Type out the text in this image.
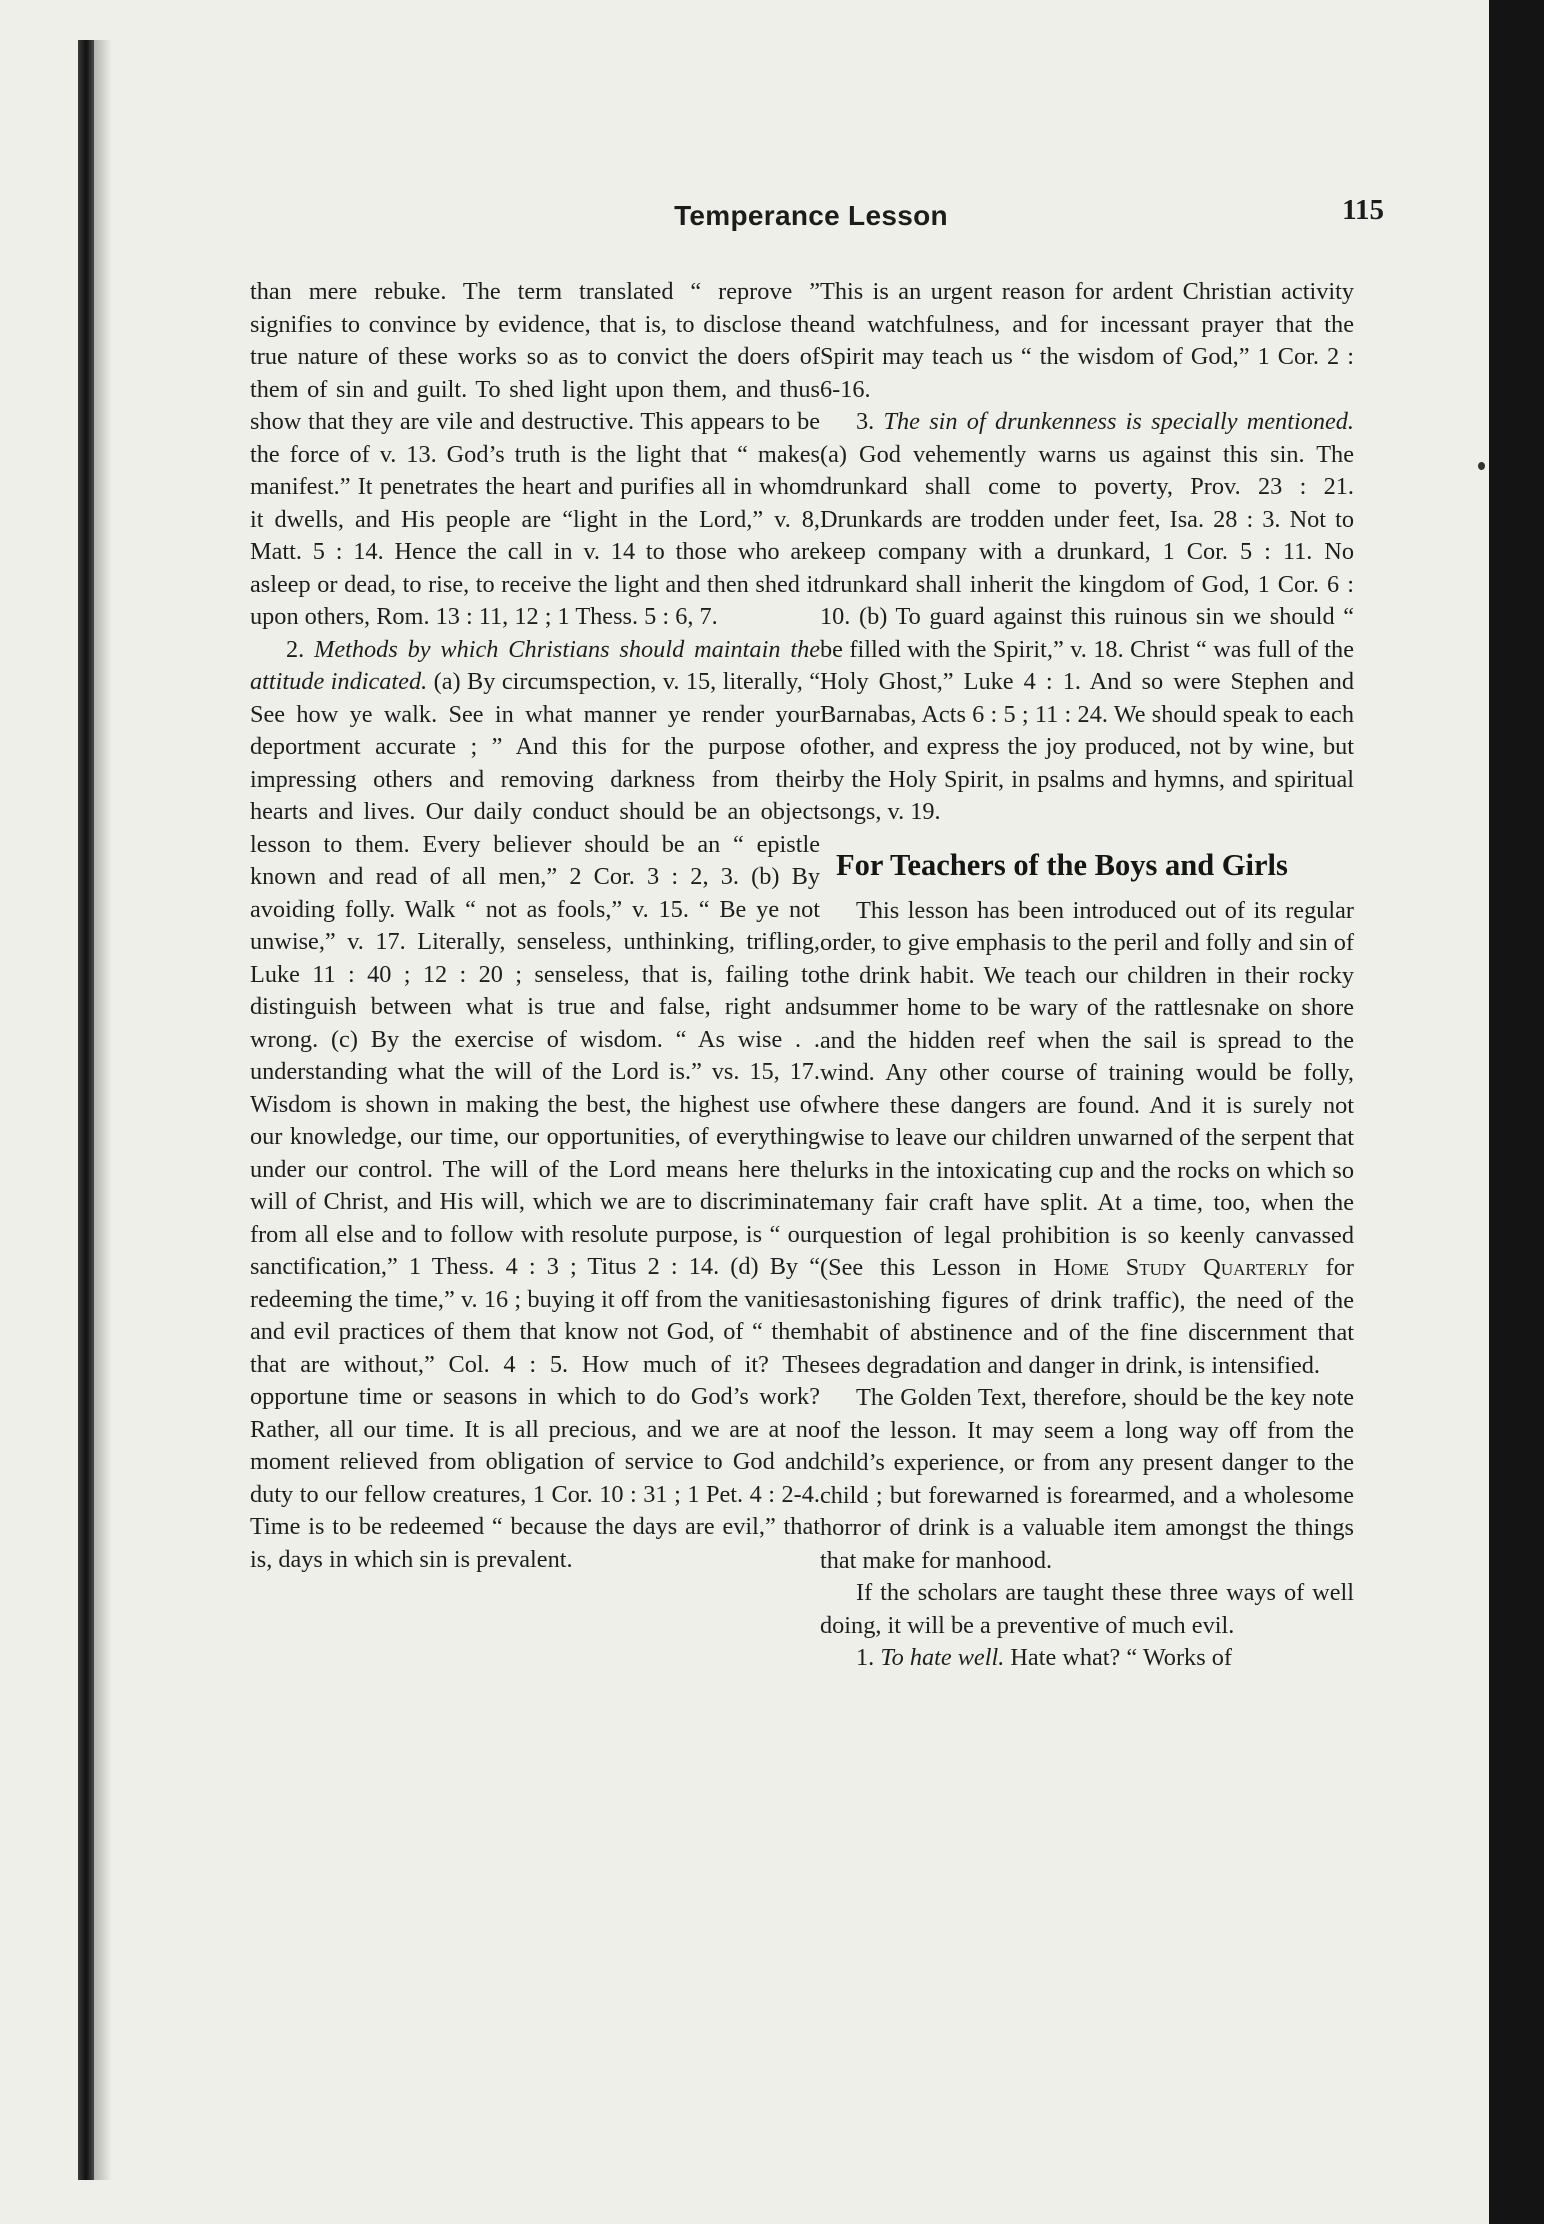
Temperance Lesson	115

than mere rebuke. The term translated “ reprove ” signifies to convince by evidence, that is, to disclose the true nature of these works so as to convict the doers of them of sin and guilt. To shed light upon them, and thus show that they are vile and destructive. This appears to be the force of v. 13. God’s truth is the light that “ makes manifest.” It penetrates the heart and purifies all in whom it dwells, and His people are “light in the Lord,” v. 8, Matt. 5 : 14. Hence the call in v. 14 to those who are asleep or dead, to rise, to receive the light and then shed it upon others, Rom. 13 : 11, 12 ; 1 Thess. 5 : 6, 7.

2. Methods by which Christians should maintain the attitude indicated. (a) By circumspection, v. 15, literally, “ See how ye walk. See in what manner ye render your deportment accurate ; ” And this for the purpose of impressing others and removing darkness from their hearts and lives. Our daily conduct should be an object lesson to them. Every believer should be an “ epistle known and read of all men,” 2 Cor. 3 : 2, 3. (b) By avoiding folly. Walk “ not as fools,” v. 15. “ Be ye not unwise,” v. 17. Literally, senseless, unthinking, trifling, Luke 11 : 40 ; 12 : 20 ; senseless, that is, failing to distinguish between what is true and false, right and wrong. (c) By the exercise of wisdom. “ As wise . . understanding what the will of the Lord is.” vs. 15, 17. Wisdom is shown in making the best, the highest use of our knowledge, our time, our opportunities, of everything under our control. The will of the Lord means here the will of Christ, and His will, which we are to discriminate from all else and to follow with resolute purpose, is “ our sanctification,” 1 Thess. 4 : 3 ; Titus 2 : 14. (d) By “ redeeming the time,” v. 16 ; buying it off from the vanities and evil practices of them that know not God, of “ them that are without,” Col. 4 : 5. How much of it? The opportune time or seasons in which to do God’s work? Rather, all our time. It is all precious, and we are at no moment relieved from obligation of service to God and duty to our fellow creatures, 1 Cor. 10 : 31 ; 1 Pet. 4 : 2-4. Time is to be redeemed “ because the days are evil,” that is, days in which sin is prevalent.

This is an urgent reason for ardent Christian activity and watchfulness, and for incessant prayer that the Spirit may teach us “ the wisdom of God,” 1 Cor. 2 : 6-16.

3. The sin of drunkenness is specially mentioned. (a) God vehemently warns us against this sin. The drunkard shall come to poverty, Prov. 23 : 21. Drunkards are trodden under feet, Isa. 28 : 3. Not to keep company with a drunkard, 1 Cor. 5 : 11. No drunkard shall inherit the kingdom of God, 1 Cor. 6 : 10. (b) To guard against this ruinous sin we should “ be filled with the Spirit,” v. 18. Christ “ was full of the Holy Ghost,” Luke 4 : 1. And so were Stephen and Barnabas, Acts 6 : 5 ; 11 : 24. We should speak to each other, and express the joy produced, not by wine, but by the Holy Spirit, in psalms and hymns, and spiritual songs, v. 19.

For Teachers of the Boys and Girls

This lesson has been introduced out of its regular order, to give emphasis to the peril and folly and sin of the drink habit. We teach our children in their rocky summer home to be wary of the rattlesnake on shore and the hidden reef when the sail is spread to the wind. Any other course of training would be folly, where these dangers are found. And it is surely not wise to leave our children unwarned of the serpent that lurks in the intoxicating cup and the rocks on which so many fair craft have split. At a time, too, when the question of legal prohibition is so keenly canvassed (See this Lesson in Home Study Quarterly for astonishing figures of drink traffic), the need of the habit of abstinence and of the fine discernment that sees degradation and danger in drink, is intensified.

The Golden Text, therefore, should be the key note of the lesson. It may seem a long way off from the child’s experience, or from any present danger to the child ; but forewarned is forearmed, and a wholesome horror of drink is a valuable item amongst the things that make for manhood.

If the scholars are taught these three ways of well doing, it will be a preventive of much evil.

1. To hate well. Hate what? “ Works of
